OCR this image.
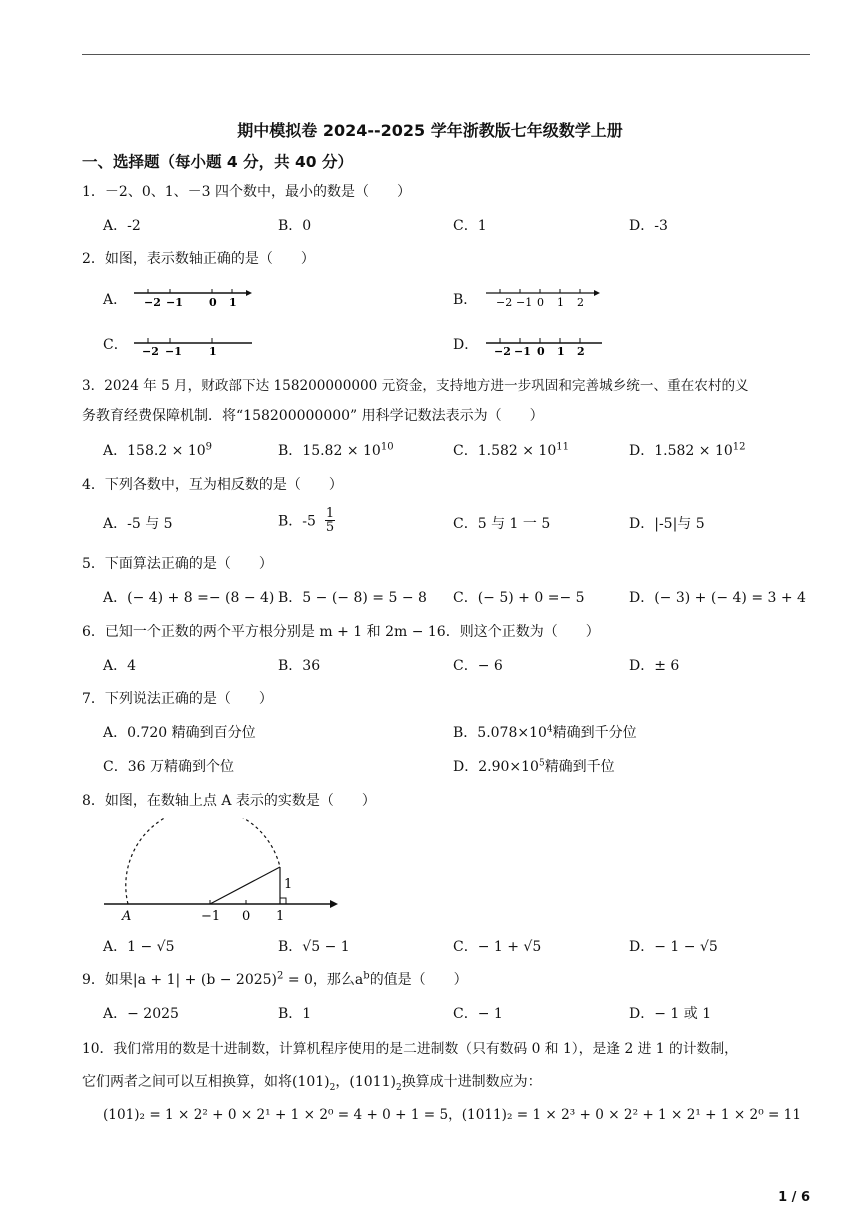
期中模拟卷 2024--2025 学年浙教版七年级数学上册
一、选择题（每小题 4 分，共 40 分）
1．－2、0、1、－3 四个数中，最小的数是（　　）
A．-2	B．0	C．1	D．-3
2．如图，表示数轴正确的是（　　）
A．	B．
C．	D．
−2 −1 0 1	−2 −1 0 1 2
−2 −1 1	−2 −1 0 1 2
3．2024 年 5 月，财政部下达 158200000000 元资金，支持地方进一步巩固和完善城乡统一、重在农村的义
务教育经费保障机制．将“158200000000” 用科学记数法表示为（　　）
A．$158.2 \times 10^9$	B．$15.82 \times 10^{10}$	C．$1.582 \times 10^{11}$	D．$1.582 \times 10^{12}$
4．下列各数中，互为相反数的是（　　）
A．-5 与 5	B．$-5 \frac{1}{5}$	C．5 与 1 一 5	D．|-5|与 5
5．下面算法正确的是（　　）
A．(− 4) + 8 =− (8 − 4) B．5 − (− 8) = 5 − 8 C．(− 5) + 0 =− 5	D．(− 3) + (− 4) = 3 + 4
6．已知一个正数的两个平方根分别是 m + 1 和 2m − 16．则这个正数为（　　）
A．4	B．36	C．− 6	D．± 6
7．下列说法正确的是（　　）
A．0.720 精确到百分位	B．$5.078\times 10^4$精确到千分位
C．36 万精确到个位	D．$2.90\times 10^5$精确到千位
8．如图，在数轴上点 A 表示的实数是（　　）
A	−1 0 1
1
A．1 − √5	B．√5 − 1	C．− 1 + √5	D．− 1 − √5
9．如果$|a + 1| + (b - 2025)^2 = 0$，那么$a^b$的值是（　　）
A．− 2025	B．1	C．− 1	D．− 1 或 1
10．我们常用的数是十进制数，计算机程序使用的是二进制数（只有数码 0 和 1），是逢 2 进 1 的计数制，
它们两者之间可以互相换算，如将$(101)_2$，$(1011)_2$换算成十进制数应为：
(101)₂ = 1 × 2² + 0 × 2¹ + 1 × 2⁰ = 4 + 0 + 1 = 5，(1011)₂ = 1 × 2³ + 0 × 2² + 1 × 2¹ + 1 × 2⁰ = 11
1 / 6
